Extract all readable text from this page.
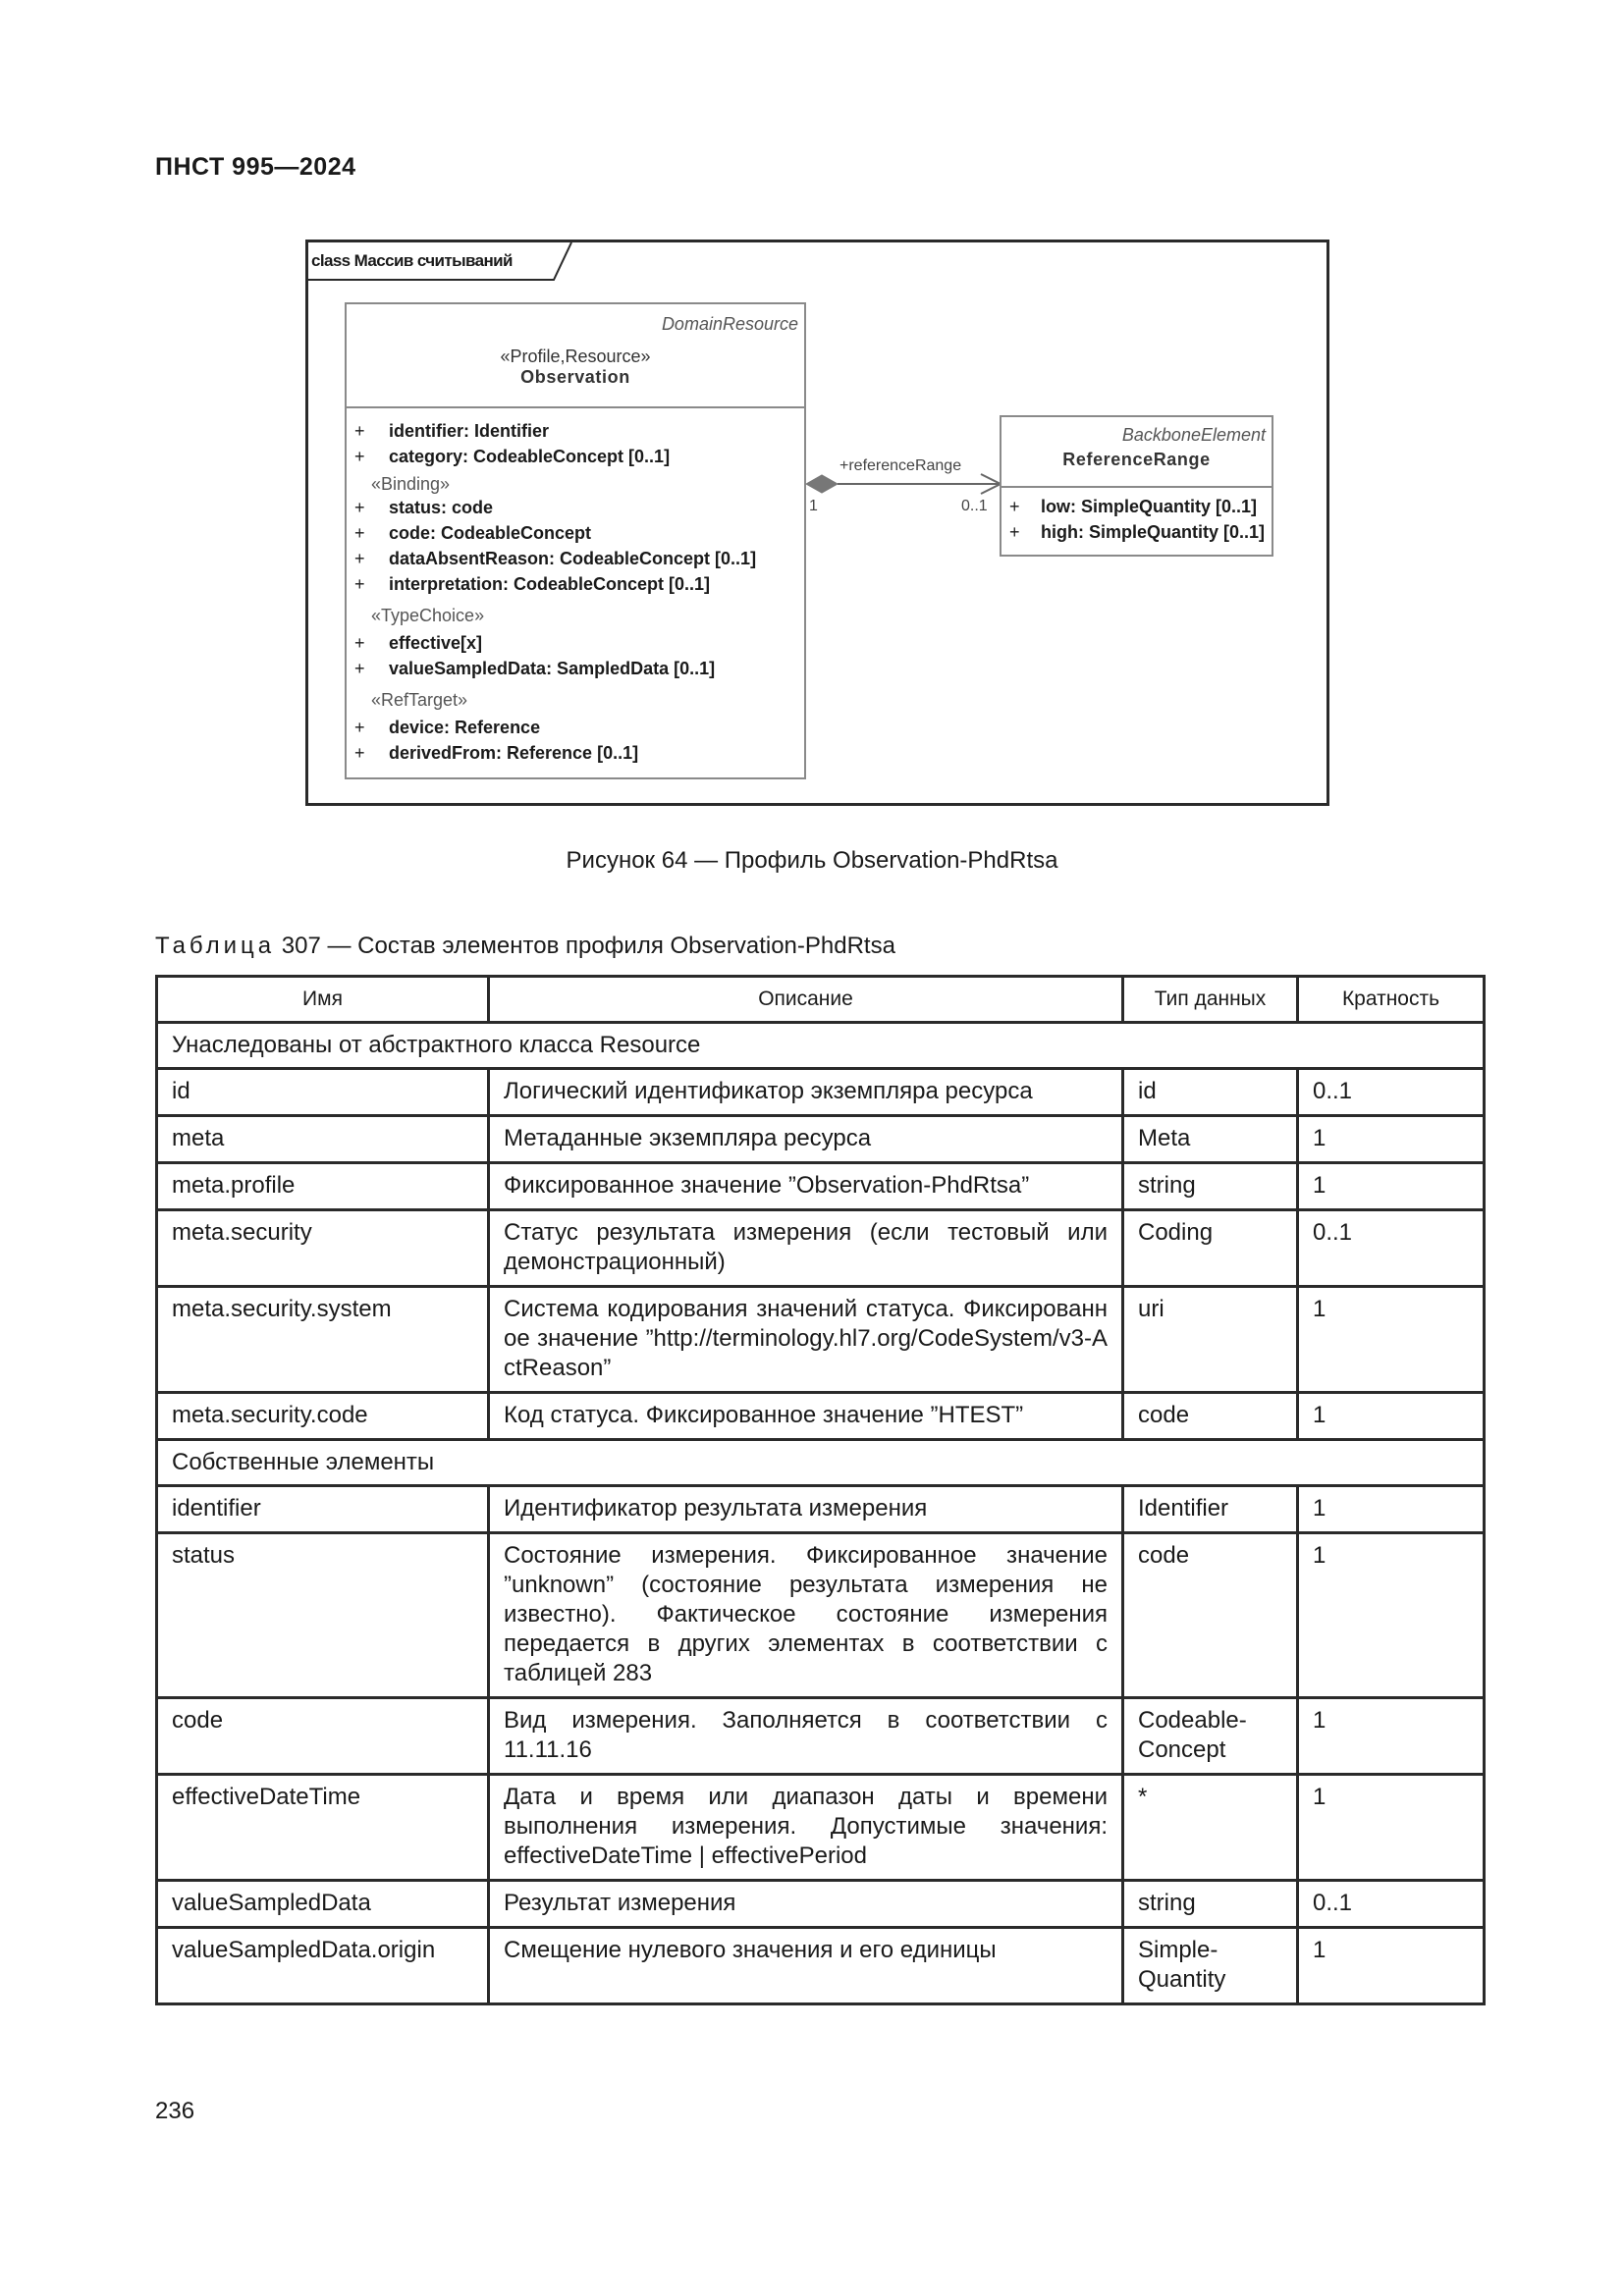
ПНСТ 995—2024
class Массив считываний
DomainResource
«Profile,Resource»
Observation
+ identifier: Identifier
+ category: CodeableConcept [0..1]
«Binding»
+ status: code
+ code: CodeableConcept
+ dataAbsentReason: CodeableConcept [0..1]
+ interpretation: CodeableConcept [0..1]
«TypeChoice»
+ effective[x]
+ valueSampledData: SampledData [0..1]
«RefTarget»
+ device: Reference
+ derivedFrom: Reference [0..1]
+referenceRange
1	0..1
BackboneElement
ReferenceRange
+ low: SimpleQuantity [0..1]
+ high: SimpleQuantity [0..1]
Рисунок 64 — Профиль Observation-PhdRtsa
Таблица 307 — Состав элементов профиля Observation-PhdRtsa
Имя	Описание	Тип данных	Кратность
Унаследованы от абстрактного класса Resource			
id	Логический идентификатор экземпляра ресурса	id	0..1
meta	Метаданные экземпляра ресурса	Meta	1
meta.profile	Фиксированное значение ”Observation-PhdRtsa”	string	1
meta.security	Статус результата измерения (если тестовый или демонстрационный)	Coding	0..1
meta.security.system	Система кодирования значений статуса. Фиксированное значение ”http://terminology.hl7.org/CodeSystem/v3-ActReason”	uri	1
meta.security.code	Код статуса. Фиксированное значение ”HTEST”	code	1
Собственные элементы			
identifier	Идентификатор результата измерения	Identifier	1
status	Состояние измерения. Фиксированное значение ”unknown” (состояние результата измерения не известно). Фактическое состояние измерения передается в других элементах в соответствии с таблицей 283	code	1
code	Вид измерения. Заполняется в соответствии с 11.11.16	Codeable-Concept	1
effectiveDateTime	Дата и время или диапазон даты и времени выполнения измерения. Допустимые значения: effectiveDateTime | effectivePeriod	*	1
valueSampledData	Результат измерения	string	0..1
valueSampledData.origin	Смещение нулевого значения и его единицы	Simple-Quantity	1
236
